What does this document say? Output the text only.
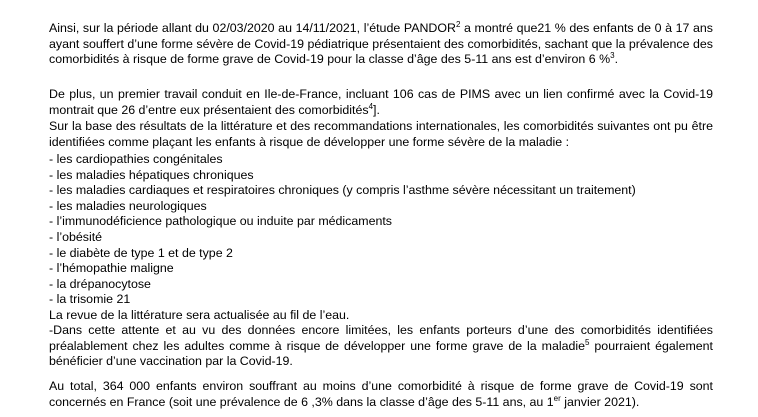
Ainsi, sur la période allant du 02/03/2020 au 14/11/2021, l’étude PANDOR$^2$ a montré que21 % des enfants de 0 à 17 ans ayant souffert d’une forme sévère de Covid-19 pédiatrique présentaient des comorbidités, sachant que la prévalence des comorbidités à risque de forme grave de Covid-19 pour la classe d’âge des 5-11 ans est d’environ 6 %$^3$.

De plus, un premier travail conduit en Ile-de-France, incluant 106 cas de PIMS avec un lien confirmé avec la Covid-19 montrait que 26 d’entre eux présentaient des comorbidités$^4$].

Sur la base des résultats de la littérature et des recommandations internationales, les comorbidités suivantes ont pu être identifiées comme plaçant les enfants à risque de développer une forme sévère de la maladie :

- les cardiopathies congénitales
- les maladies hépatiques chroniques
- les maladies cardiaques et respiratoires chroniques (y compris l’asthme sévère nécessitant un traitement)
- les maladies neurologiques
- l’immunodéficience pathologique ou induite par médicaments
- l’obésité
- le diabète de type 1 et de type 2
- l’hémopathie maligne
- la drépanocytose
- la trisomie 21

La revue de la littérature sera actualisée au fil de l’eau.

-Dans cette attente et au vu des données encore limitées, les enfants porteurs d’une des comorbidités identifiées préalablement chez les adultes comme à risque de développer une forme grave de la maladie$^5$ pourraient également bénéficier d’une vaccination par la Covid-19.

Au total, 364 000 enfants environ souffrant au moins d’une comorbidité à risque de forme grave de Covid-19 sont concernés en France (soit une prévalence de 6 ,3% dans la classe d’âge des 5-11 ans, au 1er janvier 2021).
